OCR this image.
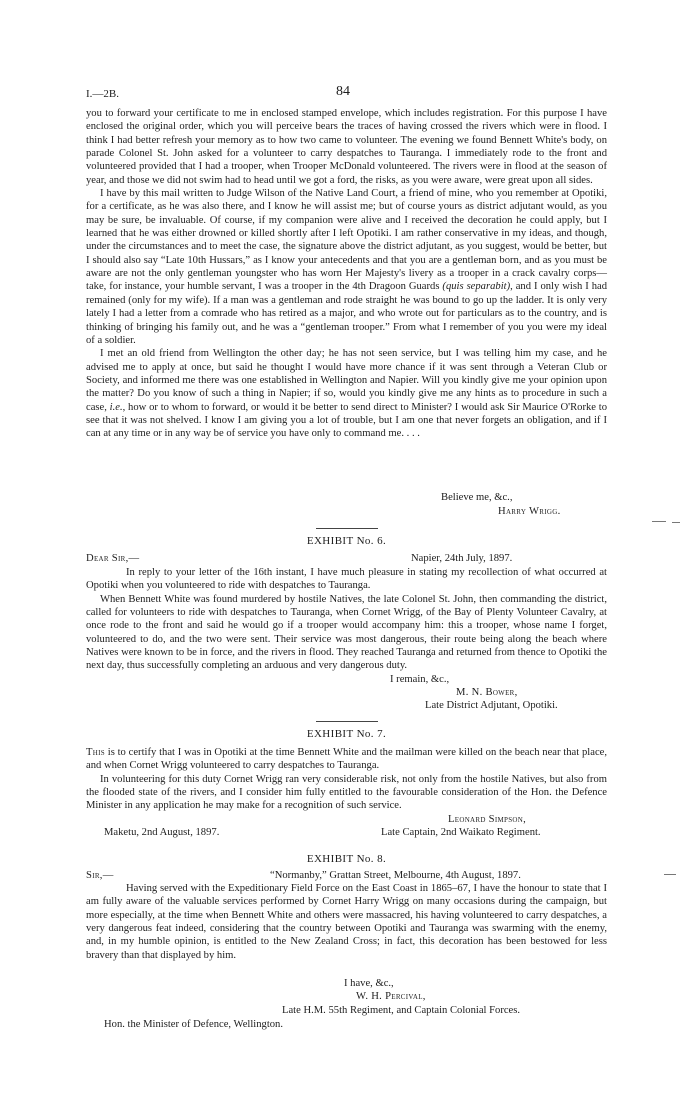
I.—2B.	84

you to forward your certificate to me in enclosed stamped envelope, which includes registration. For this purpose I have enclosed the original order, which you will perceive bears the traces of having crossed the rivers which were in flood. I think I had better refresh your memory as to how two came to volunteer. The evening we found Bennett White's body, on parade Colonel St. John asked for a volunteer to carry despatches to Tauranga. I immediately rode to the front and volunteered provided that I had a trooper, when Trooper McDonald volunteered. The rivers were in flood at the season of year, and those we did not swim had to head until we got a ford, the risks, as you were aware, were great upon all sides.

I have by this mail written to Judge Wilson of the Native Land Court, a friend of mine, who you remember at Opotiki, for a certificate, as he was also there, and I know he will assist me; but of course yours as district adjutant would, as you may be sure, be invaluable. Of course, if my companion were alive and I received the decoration he could apply, but I learned that he was either drowned or killed shortly after I left Opotiki. I am rather conservative in my ideas, and though, under the circumstances and to meet the case, the signature above the district adjutant, as you suggest, would be better, but I should also say “Late 10th Hussars,” as I know your antecedents and that you are a gentleman born, and as you must be aware are not the only gentleman youngster who has worn Her Majesty's livery as a trooper in a crack cavalry corps—take, for instance, your humble servant, I was a trooper in the 4th Dragoon Guards (quis separabit), and I only wish I had remained (only for my wife). If a man was a gentleman and rode straight he was bound to go up the ladder. It is only very lately I had a letter from a comrade who has retired as a major, and who wrote out for particulars as to the country, and is thinking of bringing his family out, and he was a “gentleman trooper.” From what I remember of you you were my ideal of a soldier.

I met an old friend from Wellington the other day; he has not seen service, but I was telling him my case, and he advised me to apply at once, but said he thought I would have more chance if it was sent through a Veteran Club or Society, and informed me there was one established in Wellington and Napier. Will you kindly give me your opinion upon the matter? Do you know of such a thing in Napier; if so, would you kindly give me any hints as to procedure in such a case, i.e., how or to whom to forward, or would it be better to send direct to Minister? I would ask Sir Maurice O'Rorke to see that it was not shelved. I know I am giving you a lot of trouble, but I am one that never forgets an obligation, and if I can at any time or in any way be of service you have only to command me. . . .

Believe me, &c.,
Harry Wrigg.
EXHIBIT No. 6.
Dear Sir,—	Napier, 24th July, 1897.

In reply to your letter of the 16th instant, I have much pleasure in stating my recollection of what occurred at Opotiki when you volunteered to ride with despatches to Tauranga.

When Bennett White was found murdered by hostile Natives, the late Colonel St. John, then commanding the district, called for volunteers to ride with despatches to Tauranga, when Cornet Wrigg, of the Bay of Plenty Volunteer Cavalry, at once rode to the front and said he would go if a trooper would accompany him: this a trooper, whose name I forget, volunteered to do, and the two were sent. Their service was most dangerous, their route being along the beach where Natives were known to be in force, and the rivers in flood. They reached Tauranga and returned from thence to Opotiki the next day, thus successfully completing an arduous and very dangerous duty.

I remain, &c.,
M. N. Bower,
Late District Adjutant, Opotiki.
EXHIBIT No. 7.

This is to certify that I was in Opotiki at the time Bennett White and the mailman were killed on the beach near that place, and when Cornet Wrigg volunteered to carry despatches to Tauranga.

In volunteering for this duty Cornet Wrigg ran very considerable risk, not only from the hostile Natives, but also from the flooded state of the rivers, and I consider him fully entitled to the favourable consideration of the Hon. the Defence Minister in any application he may make for a recognition of such service.

Leonard Simpson,
Maketu, 2nd August, 1897.	Late Captain, 2nd Waikato Regiment.
EXHIBIT No. 8.
Sir,—	“Normanby,” Grattan Street, Melbourne, 4th August, 1897.

Having served with the Expeditionary Field Force on the East Coast in 1865–67, I have the honour to state that I am fully aware of the valuable services performed by Cornet Harry Wrigg on many occasions during the campaign, but more especially, at the time when Bennett White and others were massacred, his having volunteered to carry despatches, a very dangerous feat indeed, considering that the country between Opotiki and Tauranga was swarming with the enemy, and, in my humble opinion, is entitled to the New Zealand Cross; in fact, this decoration has been bestowed for less bravery than that displayed by him.

I have, &c.,
W. H. Percival,
Late H.M. 55th Regiment, and Captain Colonial Forces.
Hon. the Minister of Defence, Wellington.
